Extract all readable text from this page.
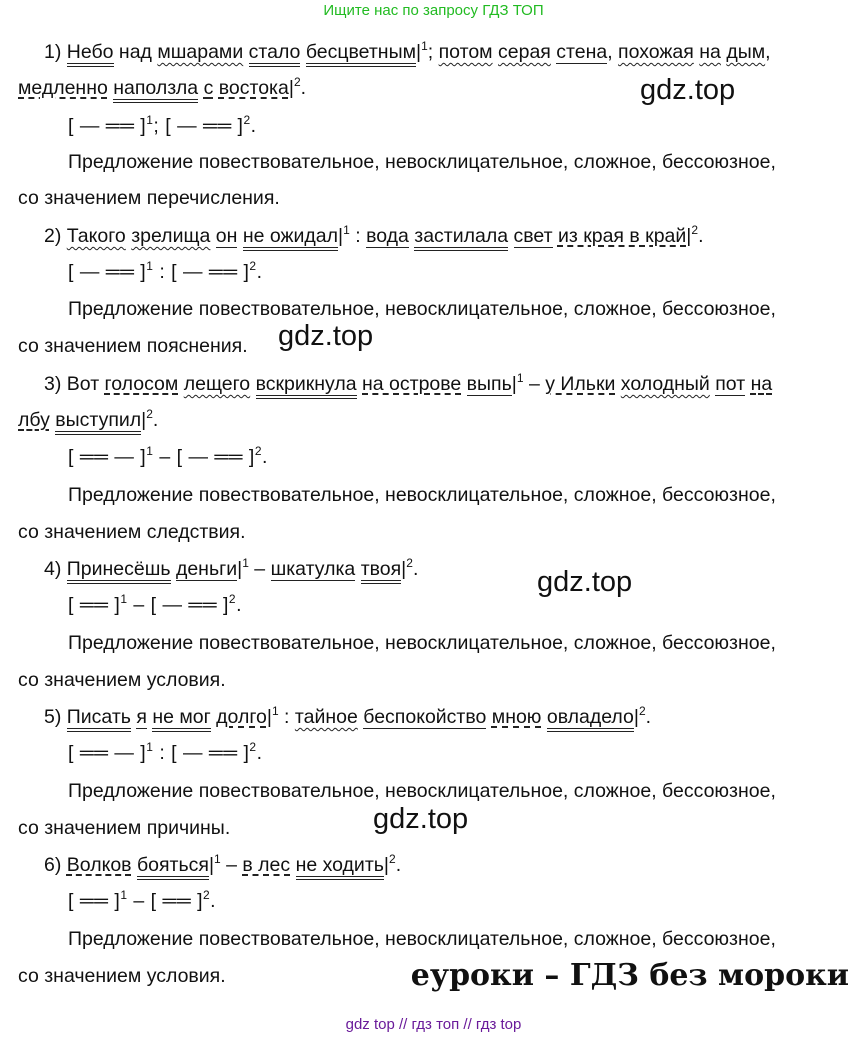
Ищите нас по запросу ГДЗ ТОП
1) Небо над мшарами стало $бесцветным|^1$; потом серая стена, похожая на дым,
медленно наползла с $востока|^2$.	gdz.top
[ — ══ ]$^1$; [ — ══ ]$^2$.
Предложение повествовательное, невосклицательное, сложное, бессоюзное,
со значением перечисления.
2) Такого зрелища он не $ожидал|^1$ : вода застилала свет из края в $край|^2$.
[ — ══ ]$^1$ : [ — ══ ]$^2$.
Предложение повествовательное, невосклицательное, сложное, бессоюзное,
со значением пояснения. gdz.top
3) Вот голосом лещего вскрикнула на острове $выпь|^1$ – у Ильки холодный пот на
лбу $выступил|^2$.
[ ══ — ]$^1$ – [ — ══ ]$^2$.
Предложение повествовательное, невосклицательное, сложное, бессоюзное,
со значением следствия.
4) Принесёшь $деньги|^1$ – шкатулка $твоя|^2$.	gdz.top
[ ══ ]$^1$ – [ — ══ ]$^2$.
Предложение повествовательное, невосклицательное, сложное, бессоюзное,
со значением условия.
5) Писать я не мог $долго|^1$ : тайное беспокойство мною $овладело|^2$.
[ ══ — ]$^1$ : [ — ══ ]$^2$.
Предложение повествовательное, невосклицательное, сложное, бессоюзное,
со значением причины.	gdz.top
6) Волков $бояться|^1$ – в лес не $ходить|^2$.
[ ══ ]$^1$ – [ ══ ]$^2$.
Предложение повествовательное, невосклицательное, сложное, бессоюзное,
со значением условия.	еуроки – ГДЗ без мороки
gdz top // гдз топ // гдз top
